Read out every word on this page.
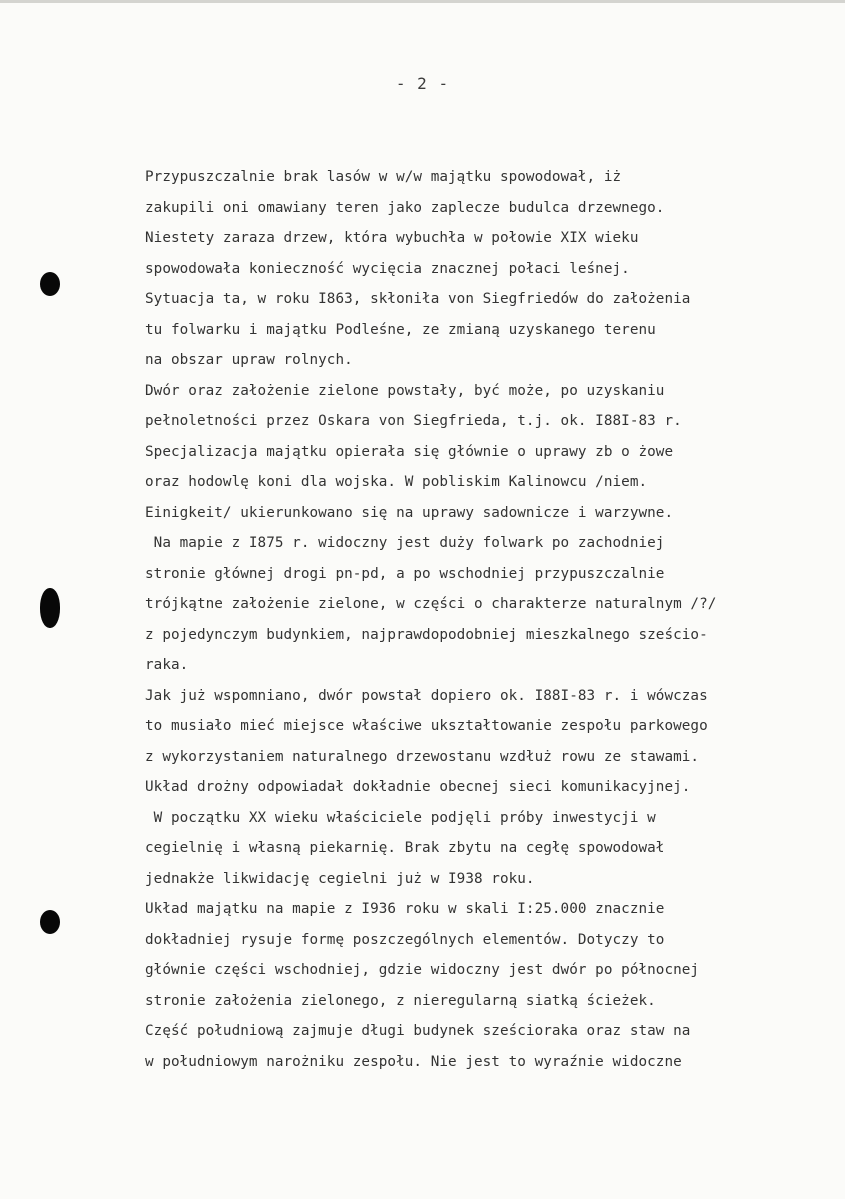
- 2 -

Przypuszczalnie brak lasów w w/w majątku spowodował, iż
zakupili oni omawiany teren jako zaplecze budulca drzewnego.
Niestety zaraza drzew, która wybuchła w połowie XIX wieku
spowodowała konieczność wycięcia znacznej połaci leśnej.
Sytuacja ta, w roku I863, skłoniła von Siegfriedów do założenia
tu folwarku i majątku Podleśne, ze zmianą uzyskanego terenu
na obszar upraw rolnych.
Dwór oraz założenie zielone powstały, być może, po uzyskaniu
pełnoletności przez Oskara von Siegfrieda, t.j. ok. I88I-83 r.
Specjalizacja majątku opierała się głównie o uprawy zb o żowe
oraz hodowlę koni dla wojska. W pobliskim Kalinowcu /niem.
Einigkeit/ ukierunkowano się na uprawy sadownicze i warzywne.
Na mapie z I875 r. widoczny jest duży folwark po zachodniej
stronie głównej drogi pn-pd, a po wschodniej przypuszczalnie
trójkątne założenie zielone, w części o charakterze naturalnym /?/
z pojedynczym budynkiem, najprawdopodobniej mieszkalnego sześcio-
raka.
Jak już wspomniano, dwór powstał dopiero ok. I88I-83 r. i wówczas
to musiało mieć miejsce właściwe ukształtowanie zespołu parkowego
z wykorzystaniem naturalnego drzewostanu wzdłuż rowu ze stawami.
Układ drożny odpowiadał dokładnie obecnej sieci komunikacyjnej.
W początku XX wieku właściciele podjęli próby inwestycji w
cegielnię i własną piekarnię. Brak zbytu na cegłę spowodował
jednakże likwidację cegielni już w I938 roku.
Układ majątku na mapie z I936 roku w skali I:25.000 znacznie
dokładniej rysuje formę poszczególnych elementów. Dotyczy to
głównie części wschodniej, gdzie widoczny jest dwór po północnej
stronie założenia zielonego, z nieregularną siatką ścieżek.
Część południową zajmuje długi budynek sześcioraka oraz staw na
w południowym narożniku zespołu. Nie jest to wyraźnie widoczne
